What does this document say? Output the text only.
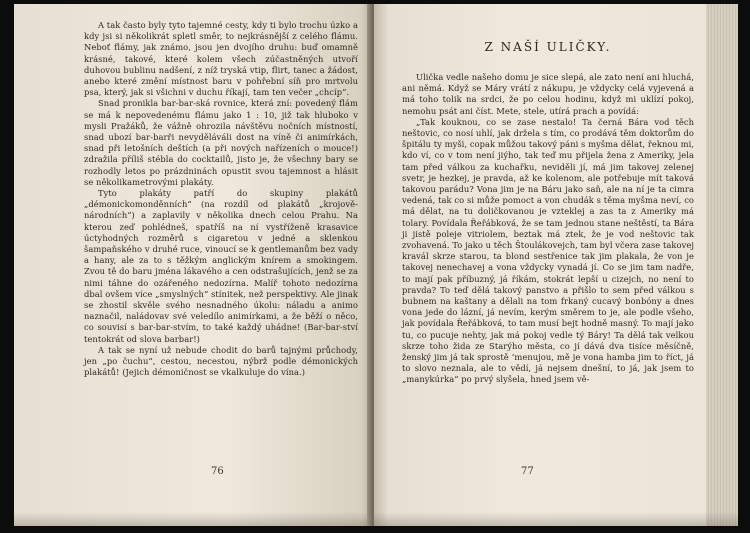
A tak často byly tyto tajemné cesty, kdy ti bylo trochu úzko a kdy jsi si několikrát spletl směr, to nejkrásnější z celého flámu. Neboť flámy, jak známo, jsou jen dvojího druhu: buď omamně krásné, takové, které kolem všech zúčastněných utvoří duhovou bublinu nadšení, z níž tryská vtip, flirt, tanec a žádost, anebo které změní místnost baru v pohřební síň pro mrtvolu psa, který, jak si všichni v duchu říkají, tam ten večer „chcíp“.

Snad pronikla bar-bar-ská rovnice, která zní: povedený flám se má k nepovedenému flámu jako 1 : 10, již tak hluboko v mysli Pražáků, že vážně ohrozila návštěvu nočních místností, snad ubozí bar-barři nevyděláváli dost na víně či animírkách, snad při letošních deštích (a při nových nařízeních o mouce!) zdražila příliš stébla do cocktailů, jisto je, že všechny bary se rozhodly letos po prázdninách opustit svou tajemnost a hlásit se několikametrovými plakáty.

Tyto plakáty patří do skupiny plakátů „démonickomonděnních“ (na rozdíl od plakátů „krojově-národních“) a zaplavily v několika dnech celou Prahu. Na kterou zeď pohlédneš, spatříš na ní vystříženě krasavice úctyhodných rozměrů s cigaretou v jedné a sklenkou šampaňského v druhé ruce, vinoucí se k gentlemanům bez vady a hany, ale za to s těžkým anglickým knírem a smokingem. Zvou tě do baru jména lákavého a cen odstrašujících, jenž se za nimi táhne do ozářeného nedozírna. Malíř tohoto nedozírna dbal ovšem více „smyslných“ stínitek, než perspektivy. Ale jinak se zhostil skvěle svého nesnadného úkolu: náladu a animo naznačil, naládovav své veledílo animírkami, a že běží o něco, co souvisí s bar-bar-stvím, to také každý uhádne! (Bar-bar-ství tentokrát od slova barbar!)

A tak se nyní už nebude chodit do barů tajnými průchody, jen „po čuchu“, cestou, necestou, nýbrž podle démonických plakátů! (Jejich démoničnost se vkalkuluje do vína.)

76
Z NAŠÍ ULIČKY.

Ulička vedle našeho domu je sice slepá, ale zato není ani hluchá, ani němá. Když se Máry vrátí z nákupu, je vždycky celá vyjevená a má toho tolik na srdci, že po celou hodinu, když mi uklízí pokoj, nemohu psát ani číst. Mete, stele, utírá prach a povídá:

„Tak kouknou, co se zase nestalo! Ta černá Bára vod těch neštovic, co nosí uhlí, jak držela s tím, co prodává těm doktorům do špitálu ty myši, copak můžou takový páni s myšma dělat, řeknou mi, kdo ví, co v tom není jiýho, tak teď mu přijela žena z Ameriky, jela tam před válkou za kuchařku, neviděli jí, má jim takovej zelenej svetr, je hezkej, je pravda, až ke kolenom, ale potřebuje mít taková takovou parádu? Vona jim je na Báru jako saň, ale na ní je ta cimra vedená, tak co si může pomoct a von chudák s těma myšma neví, co má dělat, na tu doličkovanou je vzteklej a zas ta z Ameriky má tolary. Povídala Řeřábková, že se tam jednou stane neštěstí, ta Bára ji jistě poleje vitriolem, beztak má ztek, že je vod neštovic tak zvohavená. To jako u těch Štoulákovejch, tam byl včera zase takovej kravál skrze starou, ta blond sestřenice tak jim plakala, že von je takovej nenechavej a vona vždycky vynadá jí. Co se jim tam nadře, to mají pak příbuzný, já říkám, stokrát lepší u cizejch, no není to pravda? To teď dělá takový panstvo a přišlo to sem před válkou s bubnem na kaštany a dělali na tom frkaný cucavý bonbóny a dnes vona jede do lázní, já nevím, kerým směrem to je, ale podle všeho, jak povídala Řeřábková, to tam musí bejt hodně masný. To mají jako tu, co pucuje nehty, jak má pokoj vedle tý Báry! Ta dělá tak velkou skrze toho žida ze Starýho města, co jí dává dva tisíce měsíčně, ženský jim já tak sprostě ‘menujou, mě je vona hamba jim to říct, já to slovo neznala, ale to vědí, já nejsem dnešní, to já, jak jsem to „manykúrka“ po prvý slyšela, hned jsem vě-

77
